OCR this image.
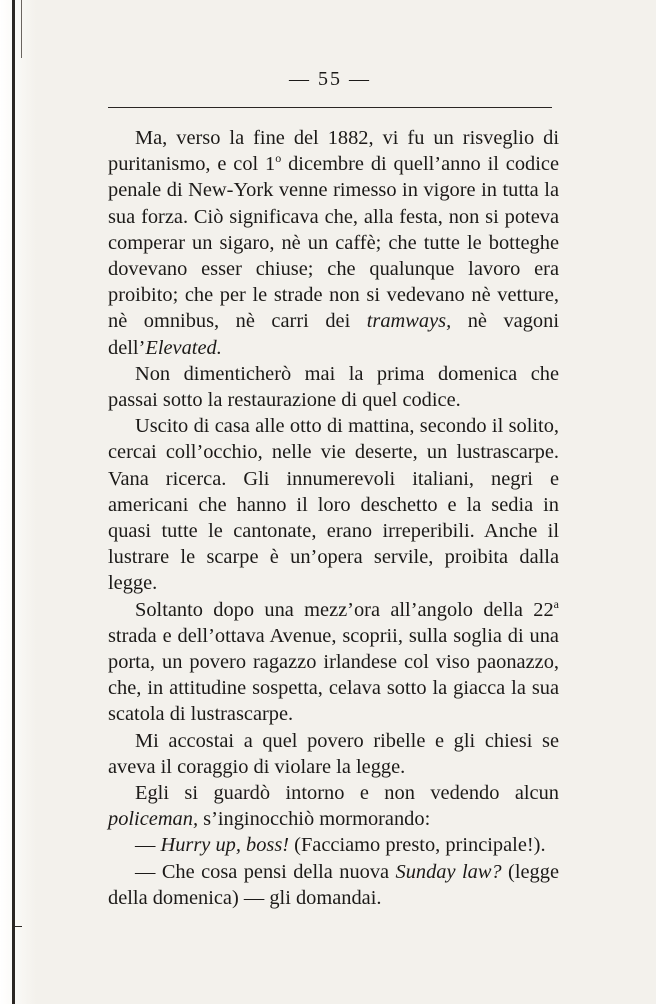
— 55 —

Ma, verso la fine del 1882, vi fu un risveglio di puritanismo, e col 1$^o$ dicembre di quell’anno il codice penale di New-York venne rimesso in vigore in tutta la sua forza. Ciò significava che, alla festa, non si poteva comperar un sigaro, nè un caffè; che tutte le botteghe dovevano esser chiuse; che qualunque lavoro era proibito; che per le strade non si vedevano nè vetture, nè omnibus, nè carri dei tramways, nè vagoni dell’Elevated.

Non dimenticherò mai la prima domenica che passai sotto la restaurazione di quel codice.

Uscito di casa alle otto di mattina, secondo il solito, cercai coll’occhio, nelle vie deserte, un lustrascarpe. Vana ricerca. Gli innumerevoli italiani, negri e americani che hanno il loro deschetto e la sedia in quasi tutte le cantonate, erano irreperibili. Anche il lustrare le scarpe è un’opera servile, proibita dalla legge.

Soltanto dopo una mezz’ora all’angolo della 22$^a$ strada e dell’ottava Avenue, scoprii, sulla soglia di una porta, un povero ragazzo irlandese col viso paonazzo, che, in attitudine sospetta, celava sotto la giacca la sua scatola di lustrascarpe.

Mi accostai a quel povero ribelle e gli chiesi se aveva il coraggio di violare la legge.

Egli si guardò intorno e non vedendo alcun policeman, s’inginocchiò mormorando:

— Hurry up, boss! (Facciamo presto, principale!).

— Che cosa pensi della nuova Sunday law? (legge della domenica) — gli domandai.
